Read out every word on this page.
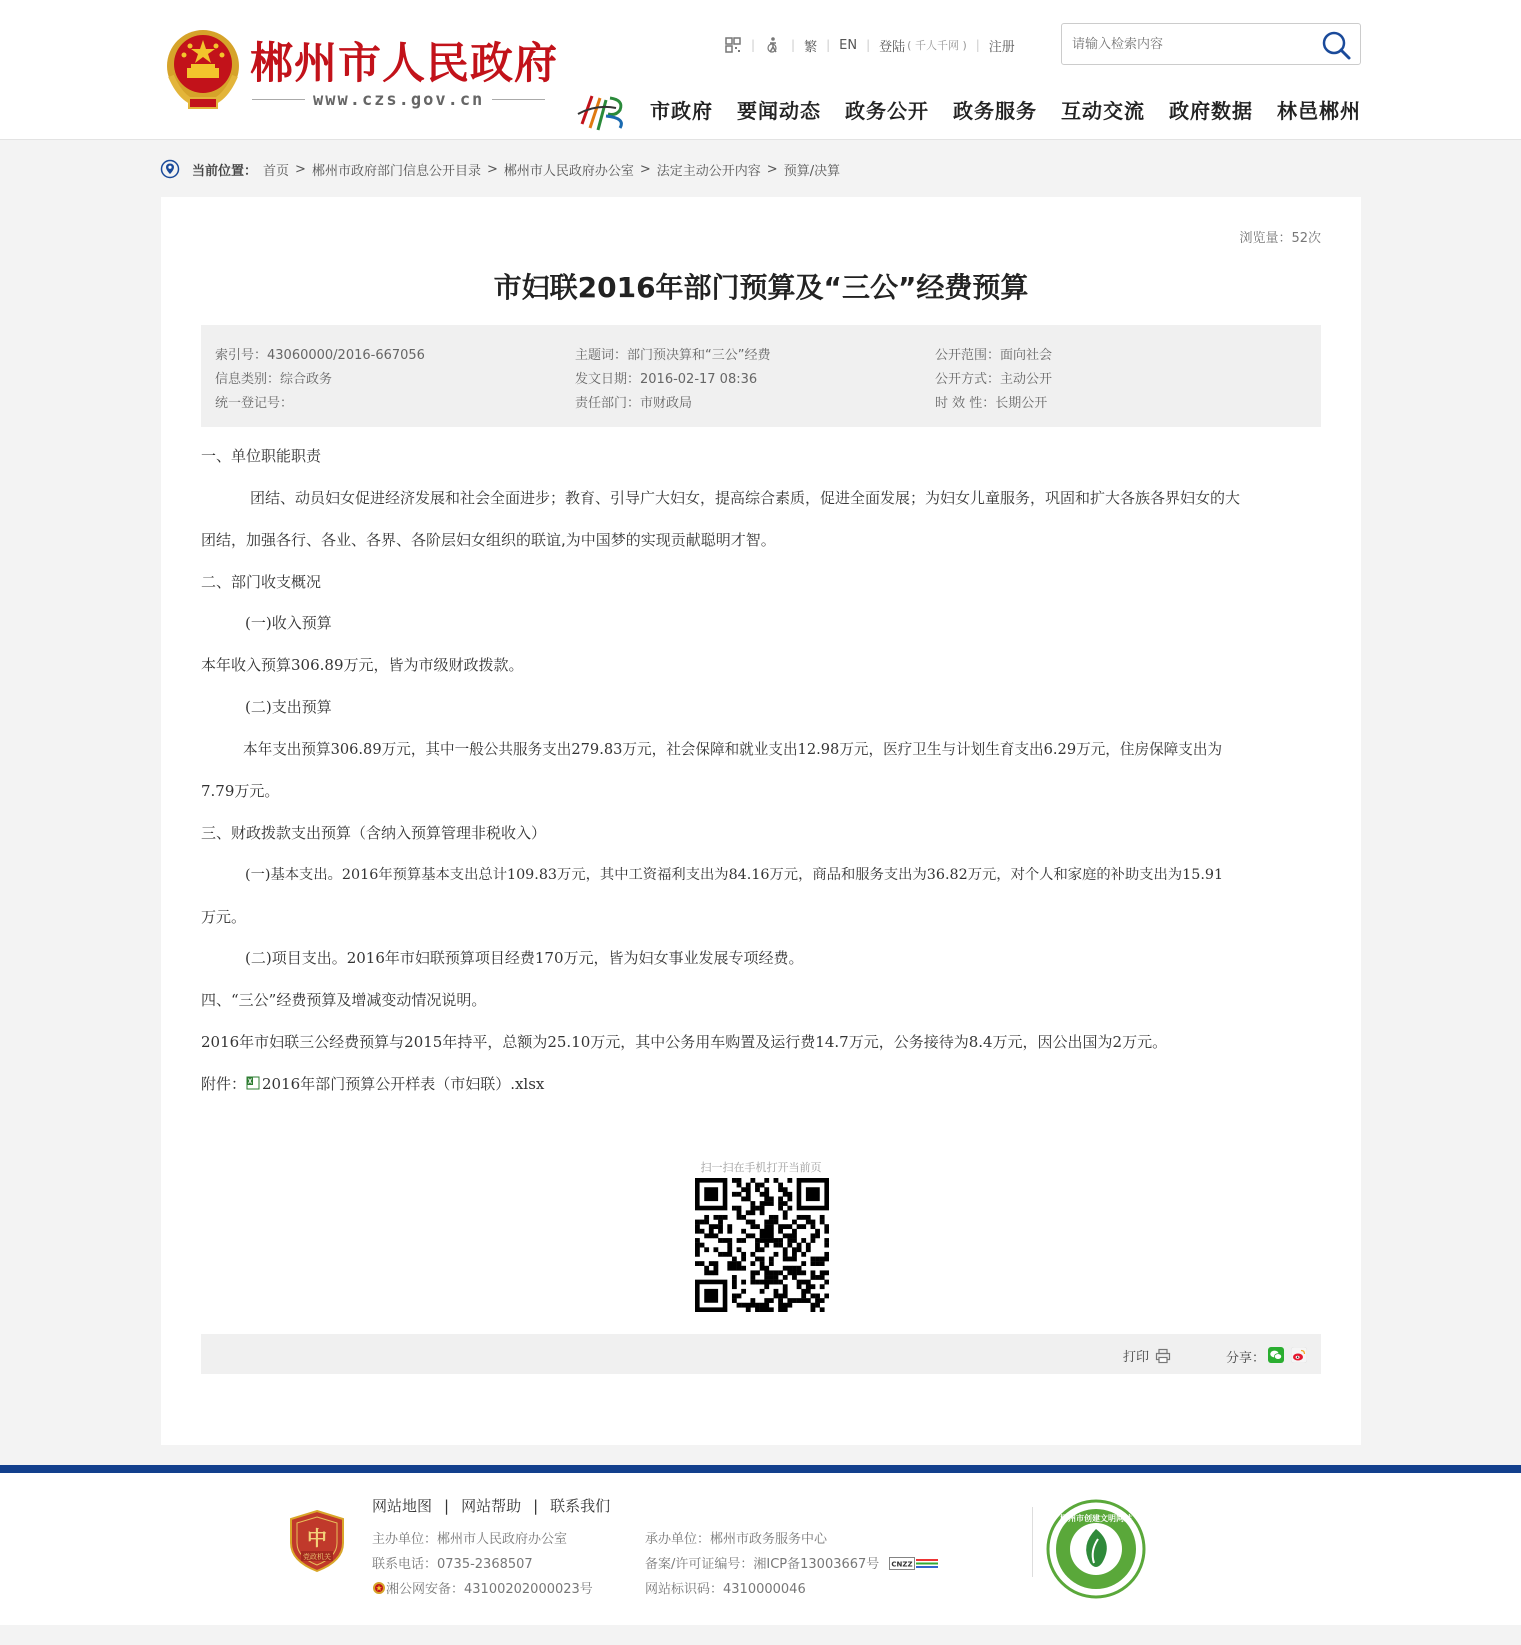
郴州市人民政府
www.czs.gov.cn
|	| 繁 | EN | 登陆 ( 千人千网 ) | 注册
请输入检索内容
市政府 要闻动态 政务公开 政务服务 互动交流 政府数据 林邑郴州
当前位置： 首页 > 郴州市政府部门信息公开目录 > 郴州市人民政府办公室 > 法定主动公开内容 > 预算/决算
浏览量：52次
市妇联2016年部门预算及“三公”经费预算
索引号：43060000/2016-667056
信息类别：综合政务
统一登记号：
主题词：部门预决算和“三公”经费
发文日期：2016-02-17 08:36
责任部门：市财政局
公开范围：面向社会
公开方式：主动公开
时 效 性：长期公开

一、单位职能职责

团结、动员妇女促进经济发展和社会全面进步；教育、引导广大妇女，提高综合素质，促进全面发展；为妇女儿童服务，巩固和扩大各族各界妇女的大

团结，加强各行、各业、各界、各阶层妇女组织的联谊,为中国梦的实现贡献聪明才智。

二、部门收支概况

(一)收入预算

本年收入预算306.89万元，皆为市级财政拨款。

(二)支出预算

本年支出预算306.89万元，其中一般公共服务支出279.83万元，社会保障和就业支出12.98万元，医疗卫生与计划生育支出6.29万元，住房保障支出为

7.79万元。

三、财政拨款支出预算（含纳入预算管理非税收入）

(一)基本支出。2016年预算基本支出总计109.83万元，其中工资福利支出为84.16万元，商品和服务支出为36.82万元，对个人和家庭的补助支出为15.91

万元。

(二)项目支出。2016年市妇联预算项目经费170万元，皆为妇女事业发展专项经费。

四、“三公”经费预算及增减变动情况说明。

2016年市妇联三公经费预算与2015年持平，总额为25.10万元，其中公务用车购置及运行费14.7万元，公务接待为8.4万元，因公出国为2万元。

附件： 2016年部门预算公开样表（市妇联）.xlsx

扫一扫在手机打开当前页
打印	分享：
中
党政机关
网站地图 | 网站帮助 | 联系我们
主办单位：郴州市人民政府办公室
联系电话：0735-2368507
湘公网安备：43100202000023号
承办单位：郴州市政务服务中心
备案/许可证编号：湘ICP备13003667号 CNZZ
网站标识码：4310000046
郴州市创建文明网站
